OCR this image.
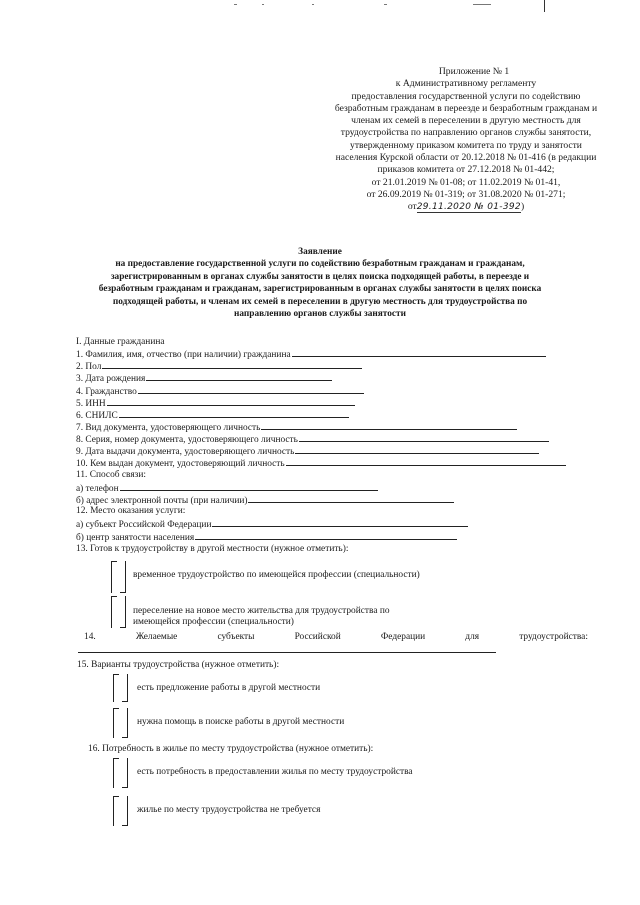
Приложение № 1
к Административному регламенту
предоставления государственной услуги по содействию
безработным гражданам в переезде и безработным гражданам и
членам их семей в переселении в другую местность для
трудоустройства по направлению органов службы занятости,
утвержденному приказом комитета по труду и занятости
населения Курской области от 20.12.2018 № 01-416 (в редакции
приказов комитета от 27.12.2018 № 01-442;
от 21.01.2019 № 01-08; от 11.02.2019 № 01-41,
от 26.09.2019 № 01-319; от 31.08.2020 № 01-271;
от29.11.2020 № 01-392)
Заявление
на предоставление государственной услуги по содействию безработным гражданам и гражданам,
зарегистрированным в органах службы занятости в целях поиска подходящей работы, в переезде и
безработным гражданам и гражданам, зарегистрированным в органах службы занятости в целях поиска
подходящей работы, и членам их семей в переселении в другую местность для трудоустройства по
направлению органов службы занятости
I. Данные гражданина
1. Фамилия, имя, отчество (при наличии) гражданина
2. Пол
3. Дата рождения
4. Гражданство
5. ИНН
6. СНИЛС
7. Вид документа, удостоверяющего личность
8. Серия, номер документа, удостоверяющего личность
9. Дата выдачи документа, удостоверяющего личность
10. Кем выдан документ, удостоверяющий личность
11. Способ связи:
а) телефон
б) адрес электронной почты (при наличии)
12. Место оказания услуги:
а) субъект Российской Федерации
б) центр занятости населения
13. Готов к трудоустройству в другой местности (нужное отметить):
временное трудоустройство по имеющейся профессии (специальности)
переселение на новое место жительства для трудоустройства по
имеющейся профессии (специальности)
14.	Желаемые	субъекты	Российской	Федерации	для	трудоустройства:
15. Варианты трудоустройства (нужное отметить):
есть предложение работы в другой местности
нужна помощь в поиске работы в другой местности
16. Потребность в жилье по месту трудоустройства (нужное отметить):
есть потребность в предоставлении жилья по месту трудоустройства
жилье по месту трудоустройства не требуется
